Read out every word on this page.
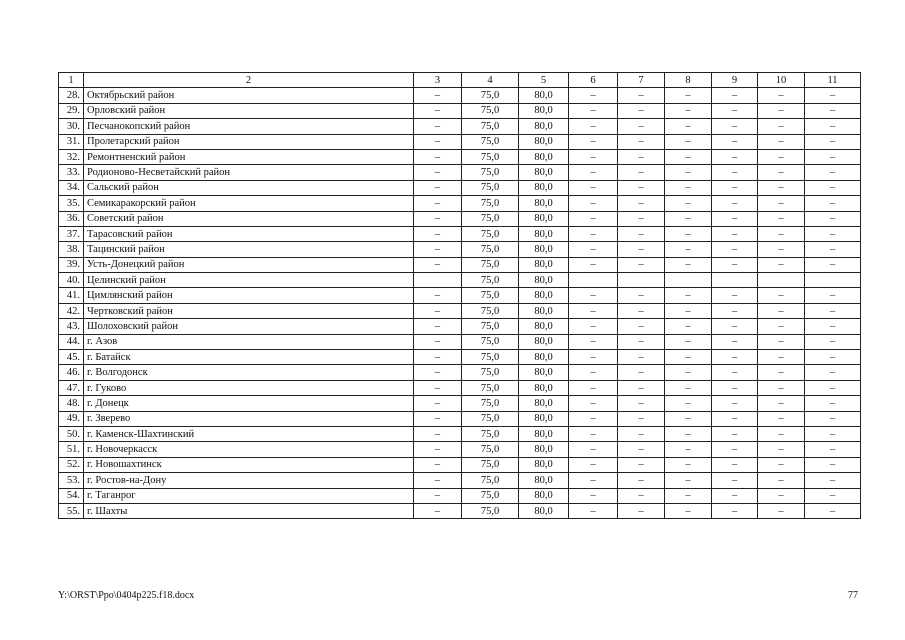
1	2	3	4	5	6	7	8	9	10	11
28.	Октябрьский район	–	75,0	80,0	–	–	–	–	–	–
29.	Орловский район	–	75,0	80,0	–	–	–	–	–	–
30.	Песчанокопский район	–	75,0	80,0	–	–	–	–	–	–
31.	Пролетарский район	–	75,0	80,0	–	–	–	–	–	–
32.	Ремонтненский район	–	75,0	80,0	–	–	–	–	–	–
33.	Родионово-Несветайский район	–	75,0	80,0	–	–	–	–	–	–
34.	Сальский район	–	75,0	80,0	–	–	–	–	–	–
35.	Семикаракорский район	–	75,0	80,0	–	–	–	–	–	–
36.	Советский район	–	75,0	80,0	–	–	–	–	–	–
37.	Тарасовский район	–	75,0	80,0	–	–	–	–	–	–
38.	Тацинский район	–	75,0	80,0	–	–	–	–	–	–
39.	Усть-Донецкий район	–	75,0	80,0	–	–	–	–	–	–
40.	Целинский район		75,0	80,0						
41.	Цимлянский район	–	75,0	80,0	–	–	–	–	–	–
42.	Чертковский район	–	75,0	80,0	–	–	–	–	–	–
43.	Шолоховский район	–	75,0	80,0	–	–	–	–	–	–
44.	г. Азов	–	75,0	80,0	–	–	–	–	–	–
45.	г. Батайск	–	75,0	80,0	–	–	–	–	–	–
46.	г. Волгодонск	–	75,0	80,0	–	–	–	–	–	–
47.	г. Гуково	–	75,0	80,0	–	–	–	–	–	–
48.	г. Донецк	–	75,0	80,0	–	–	–	–	–	–
49.	г. Зверево	–	75,0	80,0	–	–	–	–	–	–
50.	г. Каменск-Шахтинский	–	75,0	80,0	–	–	–	–	–	–
51.	г. Новочеркасск	–	75,0	80,0	–	–	–	–	–	–
52.	г. Новошахтинск	–	75,0	80,0	–	–	–	–	–	–
53.	г. Ростов-на-Дону	–	75,0	80,0	–	–	–	–	–	–
54.	г. Таганрог	–	75,0	80,0	–	–	–	–	–	–
55.	г. Шахты	–	75,0	80,0	–	–	–	–	–	–
Y:\ORST\Ppo\0404p225.f18.docx	77
